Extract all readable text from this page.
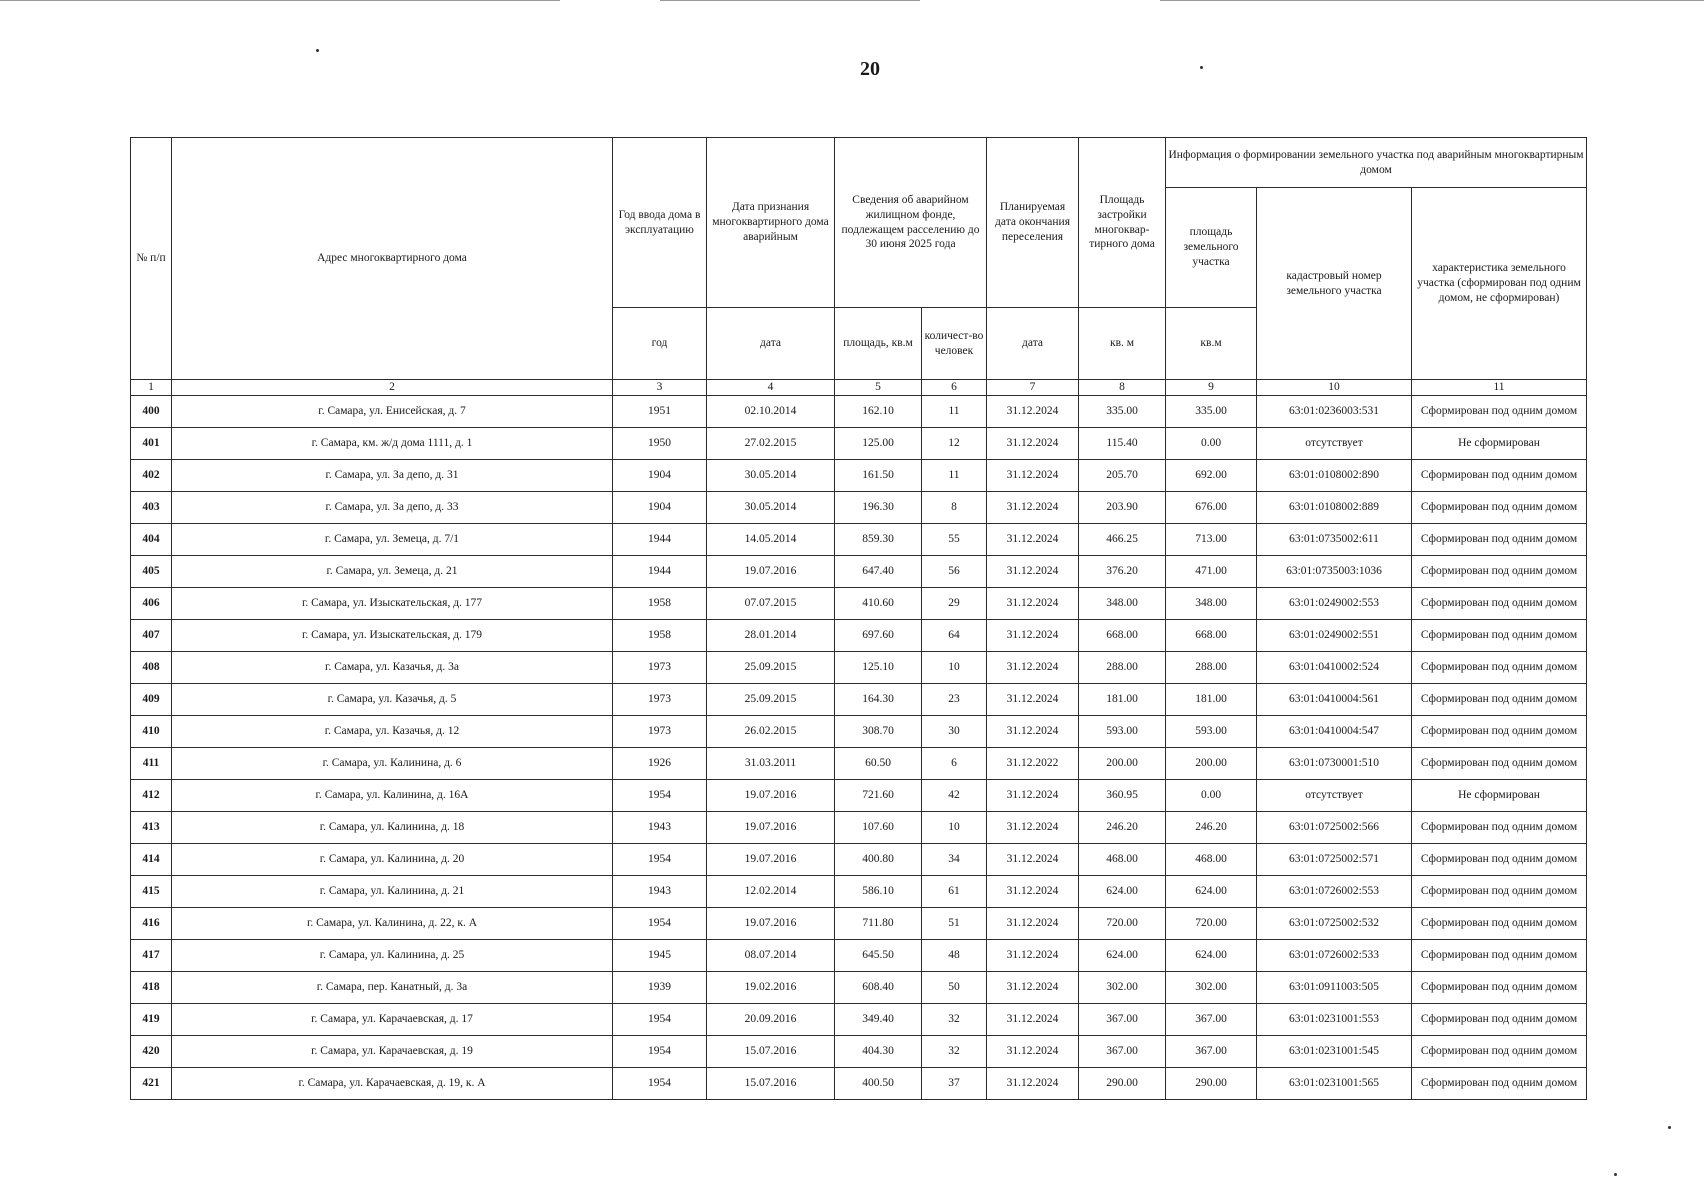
20
№ п/п	Адрес многоквартирного дома	Год ввода дома в эксплуатацию	Дата признания многоквартирного дома аварийным	Сведения об аварийном жилищном фонде, подлежащем расселению до 30 июня 2025 года		Планируемая дата окончания переселения	Площадь застройки многоквар-тирного дома	Информация о формировании земельного участка под аварийным многоквартирным домом		
								площадь земельного участка	кадастровый номер земельного участка	характеристика земельного участка (сформирован под одним домом, не сформирован)
		год	дата	площадь, кв.м	количест-во человек	дата	кв. м	кв.м		
1	2	3	4	5	6	7	8	9	10	11
400	г. Самара, ул. Енисейская, д. 7	1951	02.10.2014	162.10	11	31.12.2024	335.00	335.00	63:01:0236003:531	Сформирован под одним домом
401	г. Самара, км. ж/д дома 1111, д. 1	1950	27.02.2015	125.00	12	31.12.2024	115.40	0.00	отсутствует	Не сформирован
402	г. Самара, ул. За депо, д. 31	1904	30.05.2014	161.50	11	31.12.2024	205.70	692.00	63:01:0108002:890	Сформирован под одним домом
403	г. Самара, ул. За депо, д. 33	1904	30.05.2014	196.30	8	31.12.2024	203.90	676.00	63:01:0108002:889	Сформирован под одним домом
404	г. Самара, ул. Земеца, д. 7/1	1944	14.05.2014	859.30	55	31.12.2024	466.25	713.00	63:01:0735002:611	Сформирован под одним домом
405	г. Самара, ул. Земеца, д. 21	1944	19.07.2016	647.40	56	31.12.2024	376.20	471.00	63:01:0735003:1036	Сформирован под одним домом
406	г. Самара, ул. Изыскательская, д. 177	1958	07.07.2015	410.60	29	31.12.2024	348.00	348.00	63:01:0249002:553	Сформирован под одним домом
407	г. Самара, ул. Изыскательская, д. 179	1958	28.01.2014	697.60	64	31.12.2024	668.00	668.00	63:01:0249002:551	Сформирован под одним домом
408	г. Самара, ул. Казачья, д. 3а	1973	25.09.2015	125.10	10	31.12.2024	288.00	288.00	63:01:0410002:524	Сформирован под одним домом
409	г. Самара, ул. Казачья, д. 5	1973	25.09.2015	164.30	23	31.12.2024	181.00	181.00	63:01:0410004:561	Сформирован под одним домом
410	г. Самара, ул. Казачья, д. 12	1973	26.02.2015	308.70	30	31.12.2024	593.00	593.00	63:01:0410004:547	Сформирован под одним домом
411	г. Самара, ул. Калинина, д. 6	1926	31.03.2011	60.50	6	31.12.2022	200.00	200.00	63:01:0730001:510	Сформирован под одним домом
412	г. Самара, ул. Калинина, д. 16А	1954	19.07.2016	721.60	42	31.12.2024	360.95	0.00	отсутствует	Не сформирован
413	г. Самара, ул. Калинина, д. 18	1943	19.07.2016	107.60	10	31.12.2024	246.20	246.20	63:01:0725002:566	Сформирован под одним домом
414	г. Самара, ул. Калинина, д. 20	1954	19.07.2016	400.80	34	31.12.2024	468.00	468.00	63:01:0725002:571	Сформирован под одним домом
415	г. Самара, ул. Калинина, д. 21	1943	12.02.2014	586.10	61	31.12.2024	624.00	624.00	63:01:0726002:553	Сформирован под одним домом
416	г. Самара, ул. Калинина, д. 22, к. А	1954	19.07.2016	711.80	51	31.12.2024	720.00	720.00	63:01:0725002:532	Сформирован под одним домом
417	г. Самара, ул. Калинина, д. 25	1945	08.07.2014	645.50	48	31.12.2024	624.00	624.00	63:01:0726002:533	Сформирован под одним домом
418	г. Самара, пер. Канатный, д. 3а	1939	19.02.2016	608.40	50	31.12.2024	302.00	302.00	63:01:0911003:505	Сформирован под одним домом
419	г. Самара, ул. Карачаевская, д. 17	1954	20.09.2016	349.40	32	31.12.2024	367.00	367.00	63:01:0231001:553	Сформирован под одним домом
420	г. Самара, ул. Карачаевская, д. 19	1954	15.07.2016	404.30	32	31.12.2024	367.00	367.00	63:01:0231001:545	Сформирован под одним домом
421	г. Самара, ул. Карачаевская, д. 19, к. А	1954	15.07.2016	400.50	37	31.12.2024	290.00	290.00	63:01:0231001:565	Сформирован под одним домом
